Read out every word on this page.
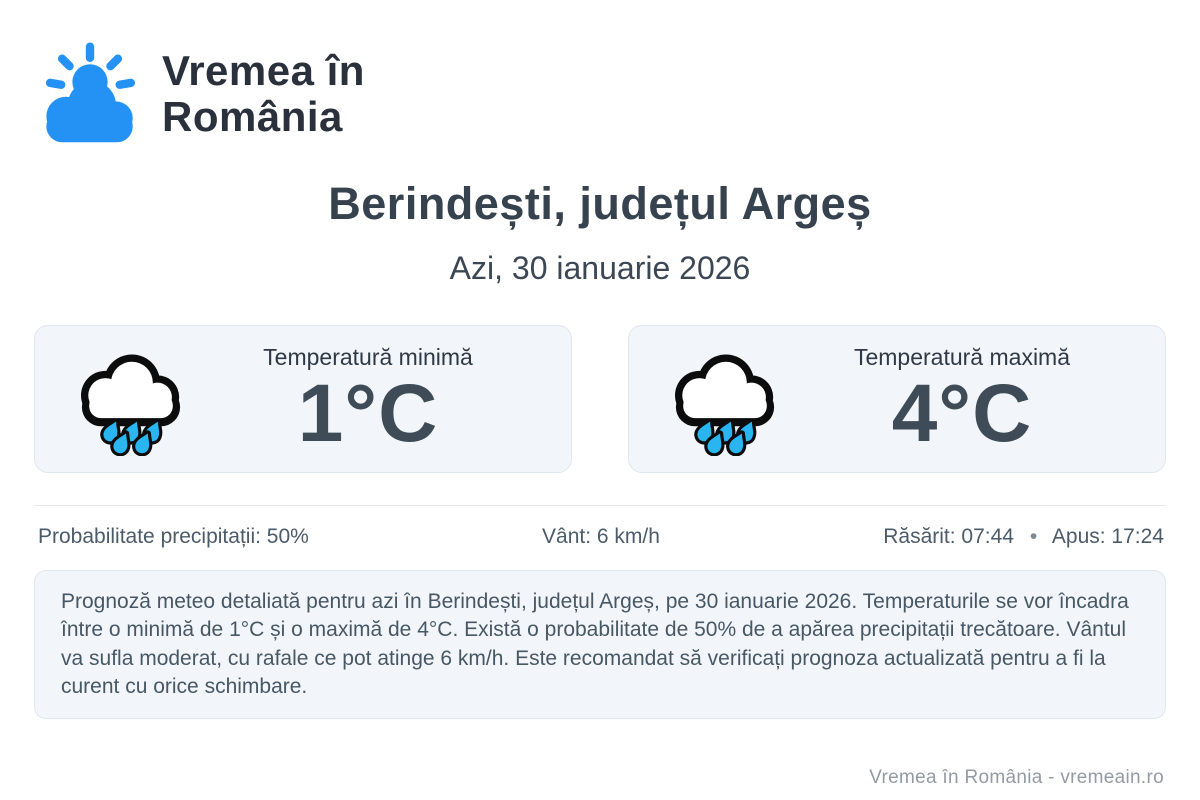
Vremea în
România
Berindești, județul Argeș
Azi, 30 ianuarie 2026
Temperatură minimă
1°C
Temperatură maximă
4°C
Probabilitate precipitații: 50%	Vânt: 6 km/h	Răsărit: 07:44 • Apus: 17:24
Prognoză meteo detaliată pentru azi în Berindești, județul Argeș, pe 30 ianuarie 2026. Temperaturile se vor încadra între o minimă de 1°C și o maximă de 4°C. Există o probabilitate de 50% de a apărea precipitații trecătoare. Vântul va sufla moderat, cu rafale ce pot atinge 6 km/h. Este recomandat să verificați prognoza actualizată pentru a fi la curent cu orice schimbare.
Vremea în România - vremeain.ro
